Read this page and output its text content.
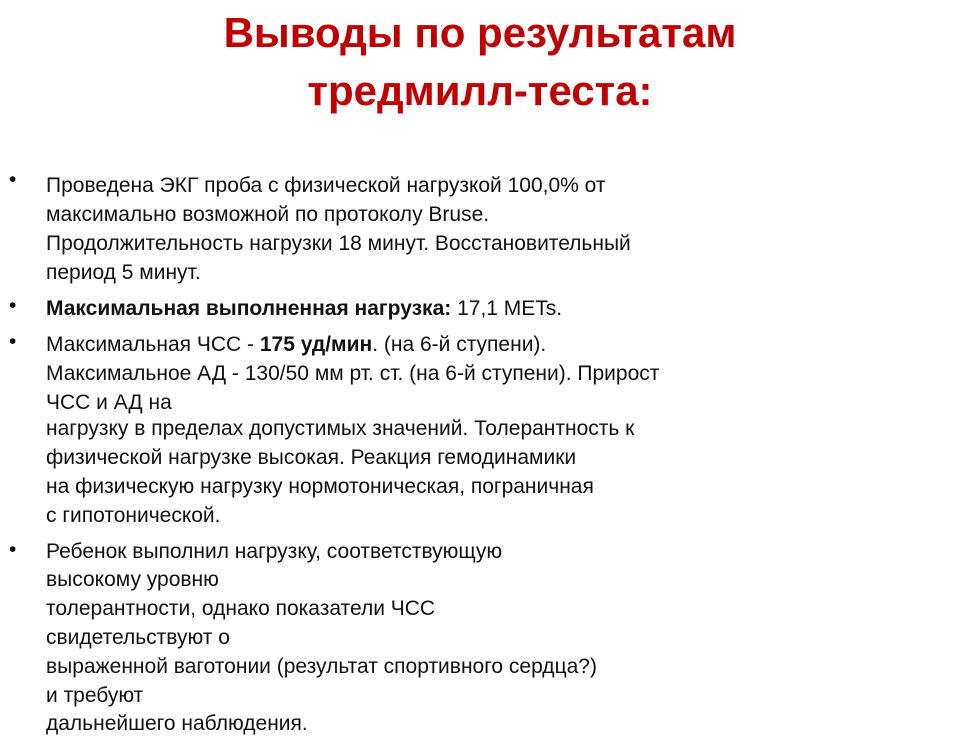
Выводы по результатам
тредмилл-теста:
• Проведена ЭКГ проба с физической нагрузкой 100,0% от
максимально возможной по протоколу Bruse.
Продолжительность нагрузки 18 минут. Восстановительный
период 5 минут.
• Максимальная выполненная нагрузка: 17,1 METs.
• Максимальная ЧСС - 175 уд/мин. (на 6-й ступени).
Максимальное АД - 130/50 мм рт. ст. (на 6-й ступени). Прирост
ЧСС и АД на
нагрузку в пределах допустимых значений. Толерантность к
физической нагрузке высокая. Реакция гемодинамики
на физическую нагрузку нормотоническая, пограничная
с гипотонической.
• Ребенок выполнил нагрузку, соответствующую
высокому уровню
толерантности, однако показатели ЧСС
свидетельствуют о
выраженной ваготонии (результат спортивного сердца?)
и требуют
дальнейшего наблюдения.
